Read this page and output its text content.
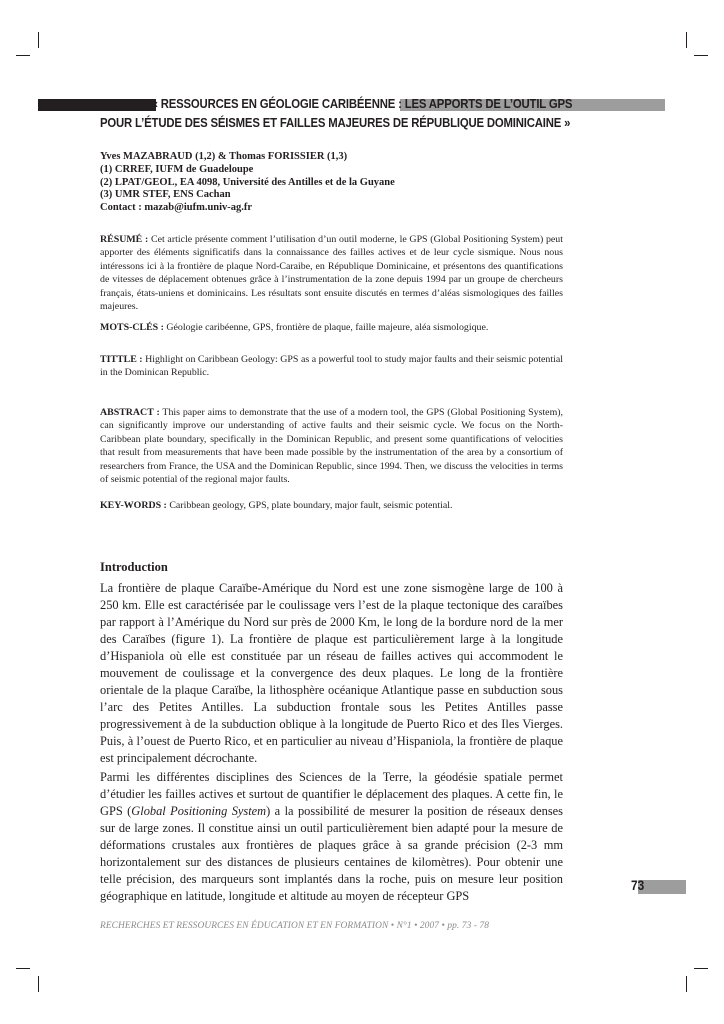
« RESSOURCES EN GÉOLOGIE CARIBÉENNE : LES APPORTS DE L’OUTIL GPS
POUR L’ÉTUDE DES SÉISMES ET FAILLES MAJEURES DE RÉPUBLIQUE DOMINICAINE »
Yves MAZABRAUD (1,2) & Thomas FORISSIER (1,3)
(1) CRREF, IUFM de Guadeloupe
(2) LPAT/GEOL, EA 4098, Université des Antilles et de la Guyane
(3) UMR STEF, ENS Cachan
Contact : mazab@iufm.univ-ag.fr
RÉSUMÉ : Cet article présente comment l’utilisation d’un outil moderne, le GPS (Global Positioning System) peut apporter des éléments significatifs dans la connaissance des failles actives et de leur cycle sismique. Nous nous intéressons ici à la frontière de plaque Nord-Caraibe, en République Dominicaine, et présentons des quantifications de vitesses de déplacement obtenues grâce à l’instrumentation de la zone depuis 1994 par un groupe de chercheurs français, états-uniens et dominicains. Les résultats sont ensuite discutés en termes d’aléas sismologiques des failles majeures.
MOTS-CLÉS : Géologie caribéenne, GPS, frontière de plaque, faille majeure, aléa sismologique.
TITTLE : Highlight on Caribbean Geology: GPS as a powerful tool to study major faults and their seismic potential in the Dominican Republic.
ABSTRACT : This paper aims to demonstrate that the use of a modern tool, the GPS (Global Positioning System), can significantly improve our understanding of active faults and their seismic cycle. We focus on the North-Caribbean plate boundary, specifically in the Dominican Republic, and present some quantifications of velocities that result from measurements that have been made possible by the instrumentation of the area by a consortium of researchers from France, the USA and the Dominican Republic, since 1994. Then, we discuss the velocities in terms of seismic potential of the regional major faults.
KEY-WORDS : Caribbean geology, GPS, plate boundary, major fault, seismic potential.
Introduction

La frontière de plaque Caraïbe-Amérique du Nord est une zone sismogène large de 100 à 250 km. Elle est caractérisée par le coulissage vers l’est de la plaque tectonique des caraïbes par rapport à l’Amérique du Nord sur près de 2000 Km, le long de la bordure nord de la mer des Caraïbes (figure 1). La frontière de plaque est particulièrement large à la longitude d’Hispaniola où elle est constituée par un réseau de failles actives qui accommodent le mouvement de coulissage et la convergence des deux plaques. Le long de la frontière orientale de la plaque Caraïbe, la lithosphère océanique Atlantique passe en subduction sous l’arc des Petites Antilles. La subduction frontale sous les Petites Antilles passe progressivement à de la subduction oblique à la longitude de Puerto Rico et des Iles Vierges. Puis, à l’ouest de Puerto Rico, et en particulier au niveau d’Hispaniola, la frontière de plaque est principalement décrochante.

Parmi les différentes disciplines des Sciences de la Terre, la géodésie spatiale permet d’étudier les failles actives et surtout de quantifier le déplacement des plaques. A cette fin, le GPS (Global Positioning System) a la possibilité de mesurer la position de réseaux denses sur de large zones. Il constitue ainsi un outil particulièrement bien adapté pour la mesure de déformations crustales aux frontières de plaques grâce à sa grande précision (2-3 mm horizontalement sur des distances de plusieurs centaines de kilomètres). Pour obtenir une telle précision, des marqueurs sont implantés dans la roche, puis on mesure leur position géographique en latitude, longitude et altitude au moyen de récepteur GPS

73
RECHERCHES ET RESSOURCES EN ÉDUCATION ET EN FORMATION • N°1 • 2007 • pp. 73 - 78
